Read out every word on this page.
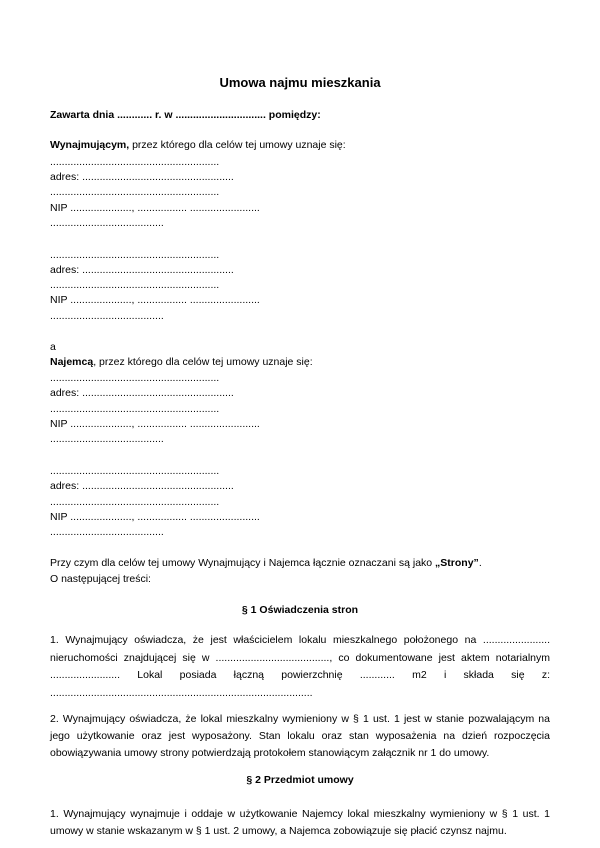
Umowa najmu mieszkania

Zawarta dnia ............ r. w ............................... pomiędzy:

Wynajmującym, przez którego dla celów tej umowy uznaje się:

..........................................................

adres: ....................................................

..........................................................

NIP ....................., ................. ........................

.......................................

..........................................................

adres: ....................................................

..........................................................

NIP ....................., ................. ........................

.......................................

a

Najemcą, przez którego dla celów tej umowy uznaje się:

..........................................................

adres: ....................................................

..........................................................

NIP ....................., ................. ........................

.......................................

..........................................................

adres: ....................................................

..........................................................

NIP ....................., ................. ........................

.......................................

Przy czym dla celów tej umowy Wynajmujący i Najemca łącznie oznaczani są jako „Strony”.

O następującej treści:

§ 1 Oświadczenia stron

1. Wynajmujący oświadcza, że jest właścicielem lokalu mieszkalnego położonego na ....................... nieruchomości znajdującej się w ......................................., co dokumentowane jest aktem notarialnym ........................ Lokal posiada łączną powierzchnię ............ m2 i składa się z: ..........................................................................................

2. Wynajmujący oświadcza, że lokal mieszkalny wymieniony w § 1 ust. 1 jest w stanie pozwalającym na jego użytkowanie oraz jest wyposażony. Stan lokalu oraz stan wyposażenia na dzień rozpoczęcia obowiązywania umowy strony potwierdzają protokołem stanowiącym załącznik nr 1 do umowy.

§ 2 Przedmiot umowy

1. Wynajmujący wynajmuje i oddaje w użytkowanie Najemcy lokal mieszkalny wymieniony w § 1 ust. 1 umowy w stanie wskazanym w § 1 ust. 2 umowy, a Najemca zobowiązuje się płacić czynsz najmu.
